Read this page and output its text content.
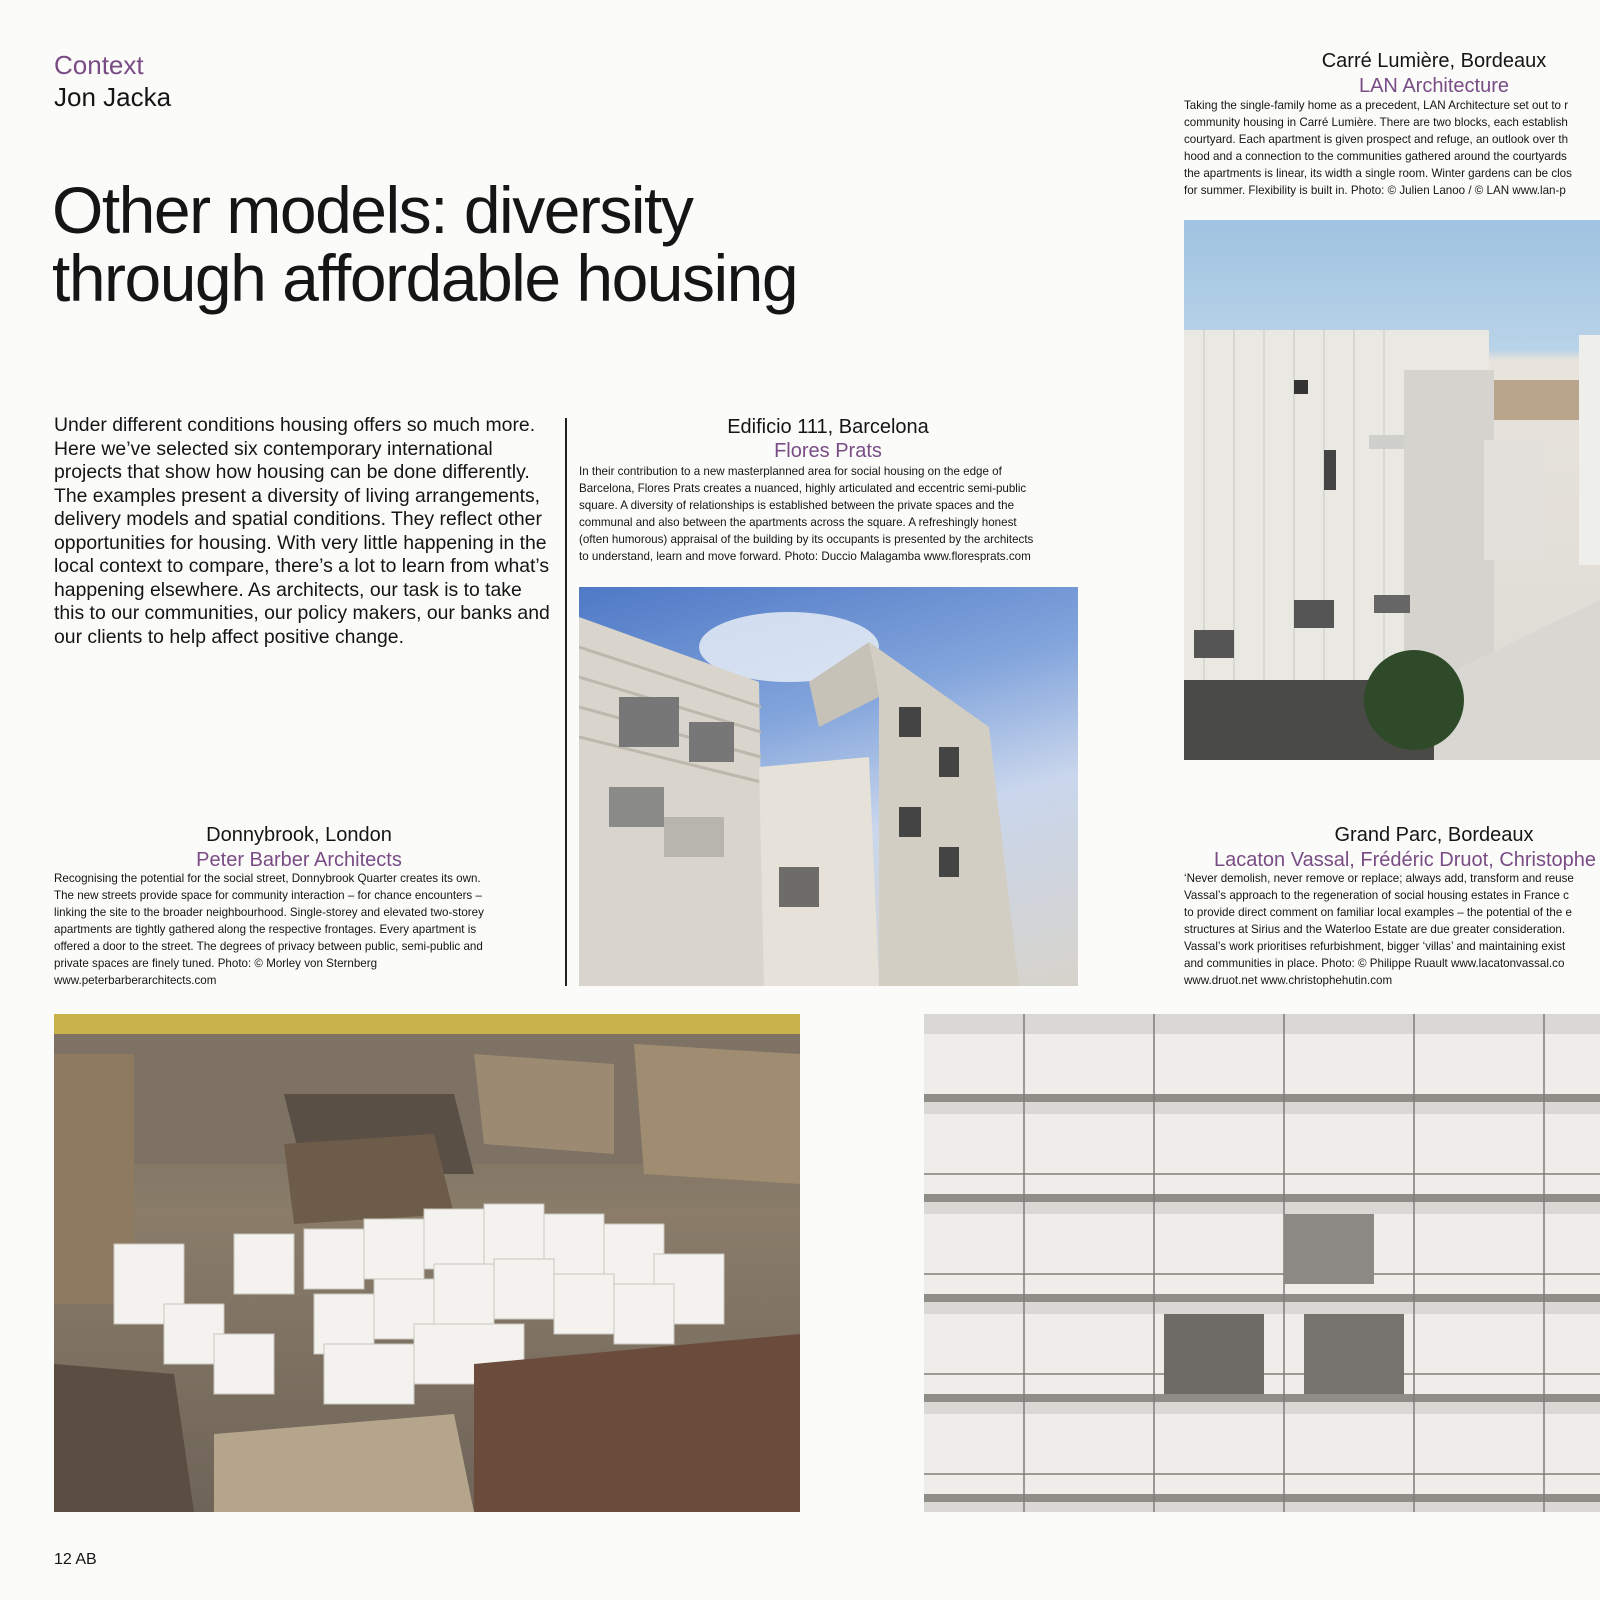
Context
Jon Jacka
Other models: diversity
through affordable housing

Under different conditions housing offers so much more. Here we’ve selected six contemporary international projects that show how housing can be done differently. The examples present a diversity of living arrangements, delivery models and spatial conditions. They reflect other opportunities for housing. With very little happening in the local context to compare, there’s a lot to learn from what’s happening elsewhere. As architects, our task is to take this to our communities, our policy makers, our banks and our clients to help affect positive change.

Carré Lumière, Bordeaux
LAN Architecture
Taking the single-family home as a precedent, LAN Architecture set out to r
community housing in Carré Lumière. There are two blocks, each establish
courtyard. Each apartment is given prospect and refuge, an outlook over th
hood and a connection to the communities gathered around the courtyards
the apartments is linear, its width a single room. Winter gardens can be clos
for summer. Flexibility is built in. Photo: © Julien Lanoo / © LAN www.lan-p
Edificio 111, Barcelona
Flores Prats
In their contribution to a new masterplanned area for social housing on the edge of
Barcelona, Flores Prats creates a nuanced, highly articulated and eccentric semi-public
square. A diversity of relationships is established between the private spaces and the
communal and also between the apartments across the square. A refreshingly honest
(often humorous) appraisal of the building by its occupants is presented by the architects
to understand, learn and move forward. Photo: Duccio Malagamba www.floresprats.com
Donnybrook, London
Peter Barber Architects
Recognising the potential for the social street, Donnybrook Quarter creates its own.
The new streets provide space for community interaction – for chance encounters –
linking the site to the broader neighbourhood. Single-storey and elevated two-storey
apartments are tightly gathered along the respective frontages. Every apartment is
offered a door to the street. The degrees of privacy between public, semi-public and
private spaces are finely tuned. Photo: © Morley von Sternberg
www.peterbarberarchitects.com
Grand Parc, Bordeaux
Lacaton Vassal, Frédéric Druot, Christophe
‘Never demolish, never remove or replace; always add, transform and reuse
Vassal’s approach to the regeneration of social housing estates in France c
to provide direct comment on familiar local examples – the potential of the e
structures at Sirius and the Waterloo Estate are due greater consideration.
Vassal’s work prioritises refurbishment, bigger ‘villas’ and maintaining exist
and communities in place. Photo: © Philippe Ruault www.lacatonvassal.co
www.druot.net www.christophehutin.com
12 AB
